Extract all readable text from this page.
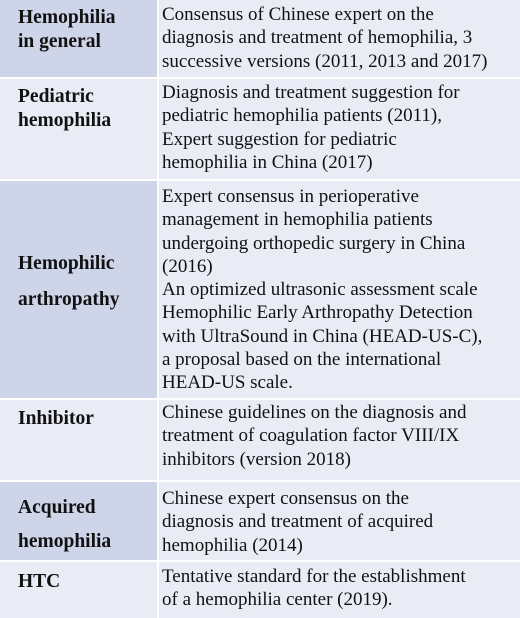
Hemophilia
in general
Consensus of Chinese expert on the
diagnosis and treatment of hemophilia, 3
successive versions (2011, 2013 and 2017)
Pediatric
hemophilia
Diagnosis and treatment suggestion for
pediatric hemophilia patients (2011),
Expert suggestion for pediatric
hemophilia in China (2017)
Hemophilic
arthropathy
Expert consensus in perioperative
management in hemophilia patients
undergoing orthopedic surgery in China
(2016)
An optimized ultrasonic assessment scale
Hemophilic Early Arthropathy Detection
with UltraSound in China (HEAD-US-C),
a proposal based on the international
HEAD-US scale.
Inhibitor	Chinese guidelines on the diagnosis and
treatment of coagulation factor VIII/IX
inhibitors (version 2018)
Acquired
hemophilia
Chinese expert consensus on the
diagnosis and treatment of acquired
hemophilia (2014)
HTC	Tentative standard for the establishment
of a hemophilia center (2019).
